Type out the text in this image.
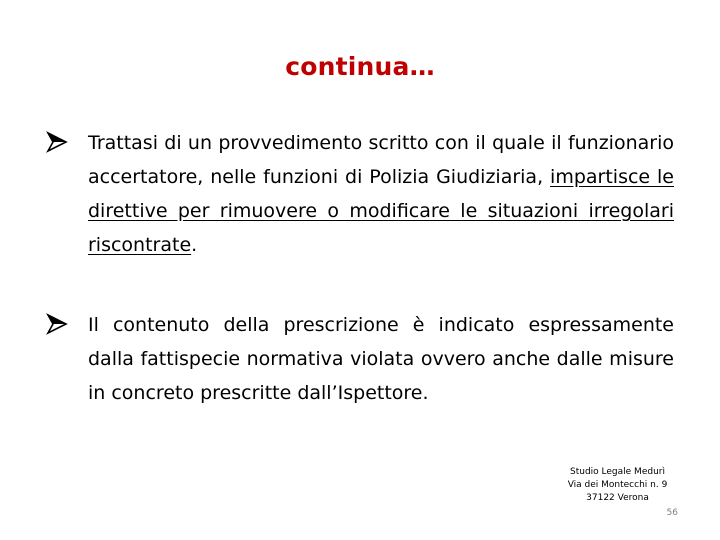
continua…
Trattasi di un provvedimento scritto con il quale il funzionario accertatore, nelle funzioni di Polizia Giudiziaria, impartisce le direttive per rimuovere o modificare le situazioni irregolari riscontrate.
Il contenuto della prescrizione è indicato espressamente dalla fattispecie normativa violata ovvero anche dalle misure in concreto prescritte dall’Ispettore.
Studio Legale Medurì
Via dei Montecchi n. 9
37122 Verona
56
